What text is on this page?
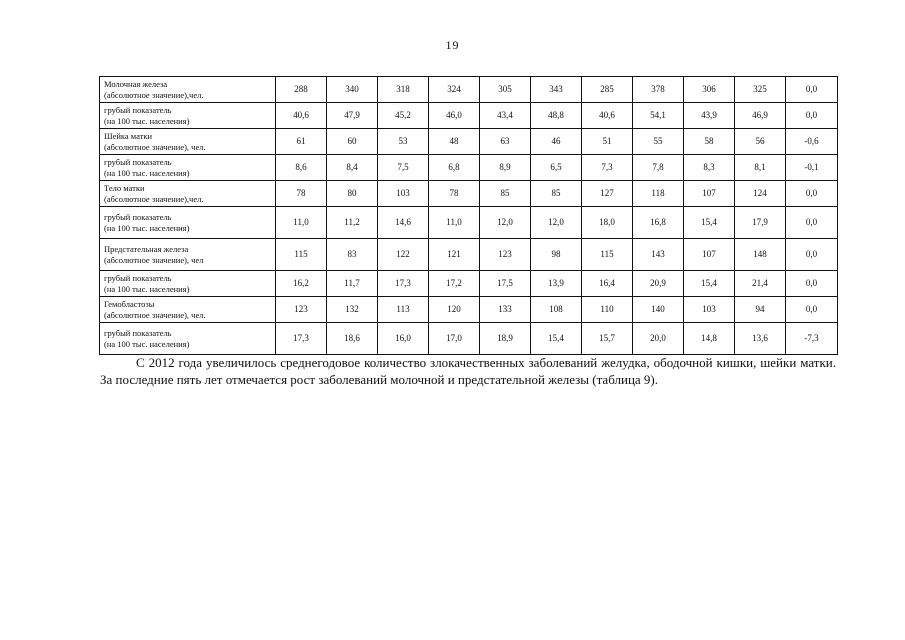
19
Молочная железа
(абсолютное значение),чел.	288	340	318	324	305	343	285	378	306	325	0,0

грубый показатель
(на 100 тыс. населения)	40,6	47,9	45,2	46,0	43,4	48,8	40,6	54,1	43,9	46,9	0,0

Шейка матки
(абсолютное значение), чел.	61	60	53	48	63	46	51	55	58	56	-0,6

грубый показатель
(на 100 тыс. населения)	8,6	8,4	7,5	6,8	8,9	6,5	7,3	7,8	8,3	8,1	-0,1

Тело матки
(абсолютное значение),чел.	78	80	103	78	85	85	127	118	107	124	0,0

грубый показатель
(на 100 тыс. населения)	11,0	11,2	14,6	11,0	12,0	12,0	18,0	16,8	15,4	17,9	0,0

Предстательная железа
(абсолютное значение), чел	115	83	122	121	123	98	115	143	107	148	0,0

грубый показатель
(на 100 тыс. населения)	16,2	11,7	17,3	17,2	17,5	13,9	16,4	20,9	15,4	21,4	0,0

Гемобластозы
(абсолютное значение), чел.	123	132	113	120	133	108	110	140	103	94	0,0

грубый показатель
(на 100 тыс. населения)	17,3	18,6	16,0	17,0	18,9	15,4	15,7	20,0	14,8	13,6	-7,3
С 2012 года увеличилось среднегодовое количество злокачественных заболеваний желудка, ободочной кишки, шейки матки. За последние пять лет отмечается рост заболеваний молочной и предстательной железы (таблица 9).
